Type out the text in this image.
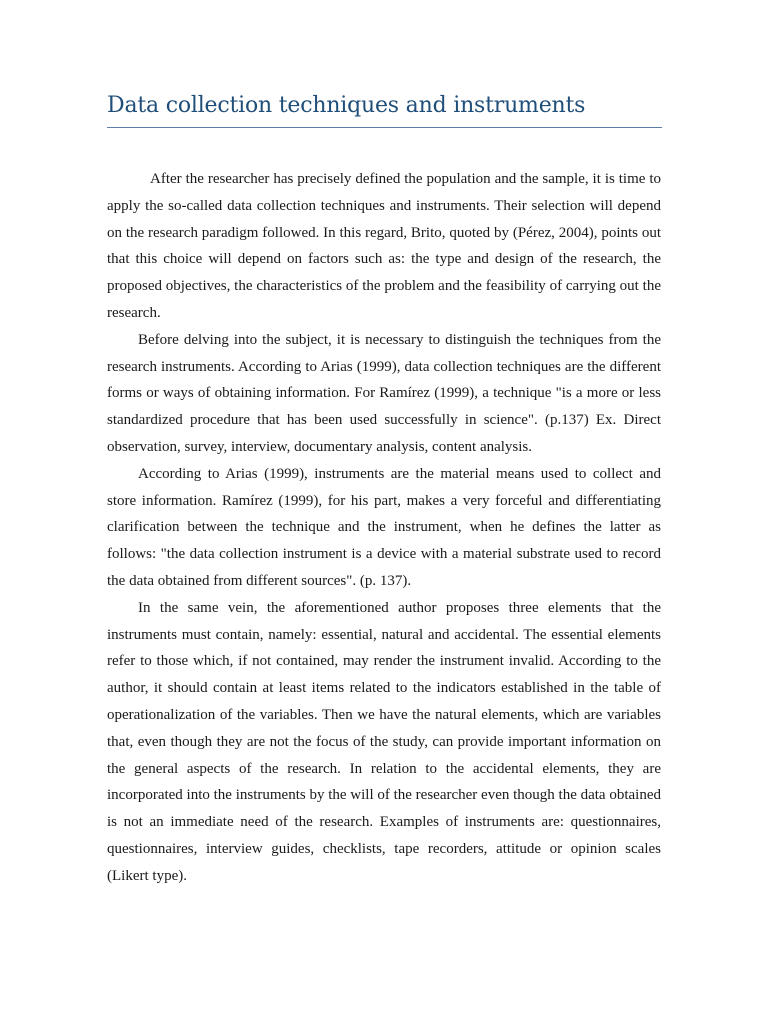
Data collection techniques and instruments

After the researcher has precisely defined the population and the sample, it is time to apply the so-called data collection techniques and instruments. Their selection will depend on the research paradigm followed. In this regard, Brito, quoted by (Pérez, 2004), points out that this choice will depend on factors such as: the type and design of the research, the proposed objectives, the characteristics of the problem and the feasibility of carrying out the research.

Before delving into the subject, it is necessary to distinguish the techniques from the research instruments. According to Arias (1999), data collection techniques are the different forms or ways of obtaining information. For Ramírez (1999), a technique "is a more or less standardized procedure that has been used successfully in science". (p.137) Ex. Direct observation, survey, interview, documentary analysis, content analysis.

According to Arias (1999), instruments are the material means used to collect and store information. Ramírez (1999), for his part, makes a very forceful and differentiating clarification between the technique and the instrument, when he defines the latter as follows: "the data collection instrument is a device with a material substrate used to record the data obtained from different sources". (p. 137).

In the same vein, the aforementioned author proposes three elements that the instruments must contain, namely: essential, natural and accidental. The essential elements refer to those which, if not contained, may render the instrument invalid. According to the author, it should contain at least items related to the indicators established in the table of operationalization of the variables. Then we have the natural elements, which are variables that, even though they are not the focus of the study, can provide important information on the general aspects of the research. In relation to the accidental elements, they are incorporated into the instruments by the will of the researcher even though the data obtained is not an immediate need of the research. Examples of instruments are: questionnaires, questionnaires, interview guides, checklists, tape recorders, attitude or opinion scales (Likert type).
